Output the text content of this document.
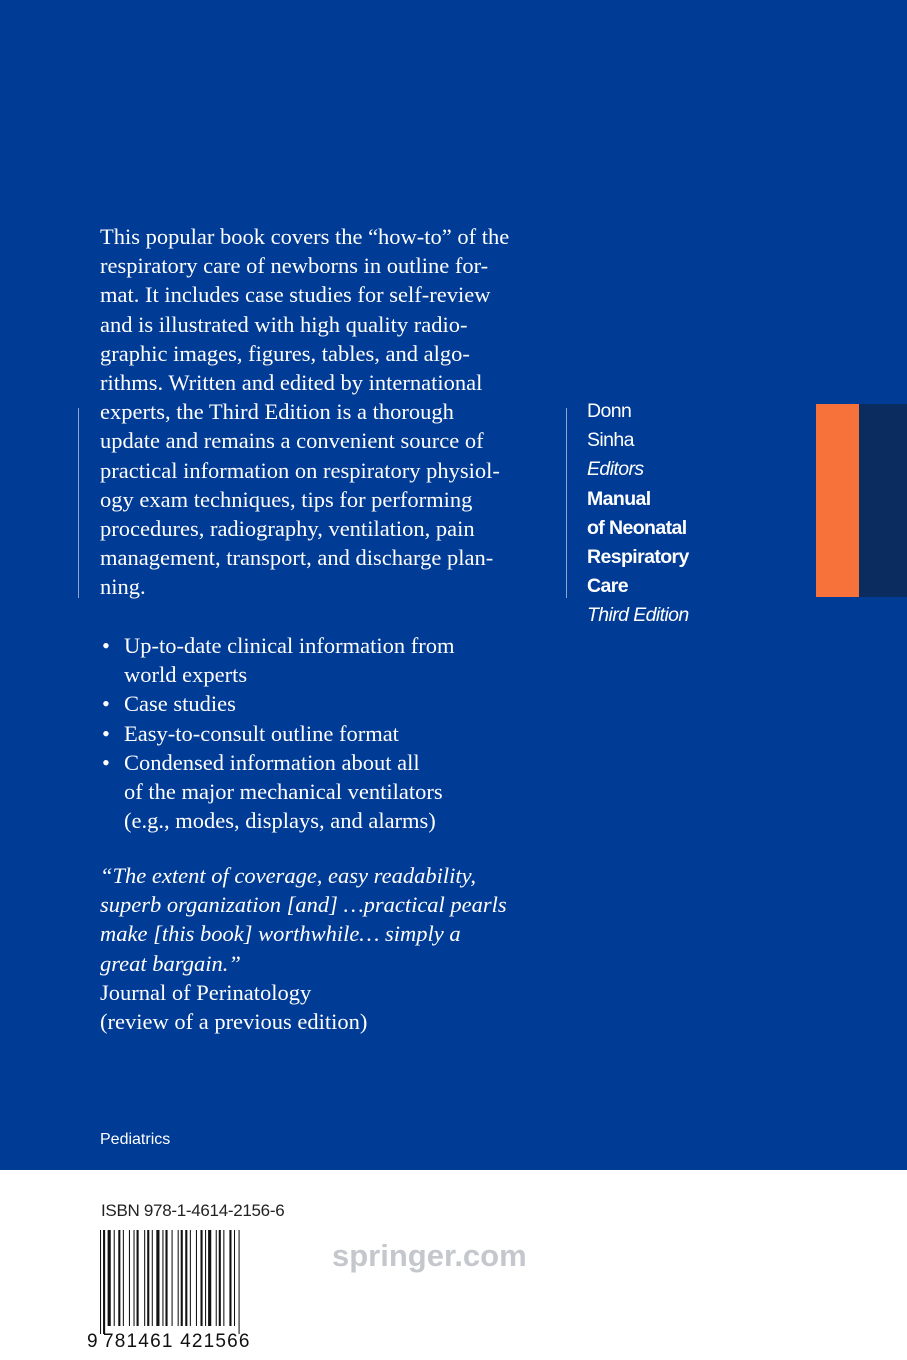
This popular book covers the “how-to” of the

respiratory care of newborns in outline for-

mat. It includes case studies for self-review

and is illustrated with high quality radio-

graphic images, figures, tables, and algo-

rithms. Written and edited by international

experts, the Third Edition is a thorough

update and remains a convenient source of

practical information on respiratory physiol-

ogy exam techniques, tips for performing

procedures, radiography, ventilation, pain

management, transport, and discharge plan-

ning.

• Up-to-date clinical information from
world experts
• Case studies
• Easy-to-consult outline format
• Condensed information about all
of the major mechanical ventilators
(e.g., modes, displays, and alarms)
“The extent of coverage, easy readability,
superb organization [and] …practical pearls
make [this book] worthwhile… simply a
great bargain.”
Journal of Perinatology
(review of a previous edition)
Donn
Sinha
Editors
Manual
of Neonatal
Respiratory
Care
Third Edition
Pediatrics
ISBN 978-1-4614-2156-6
9 781461 421566
springer.com
